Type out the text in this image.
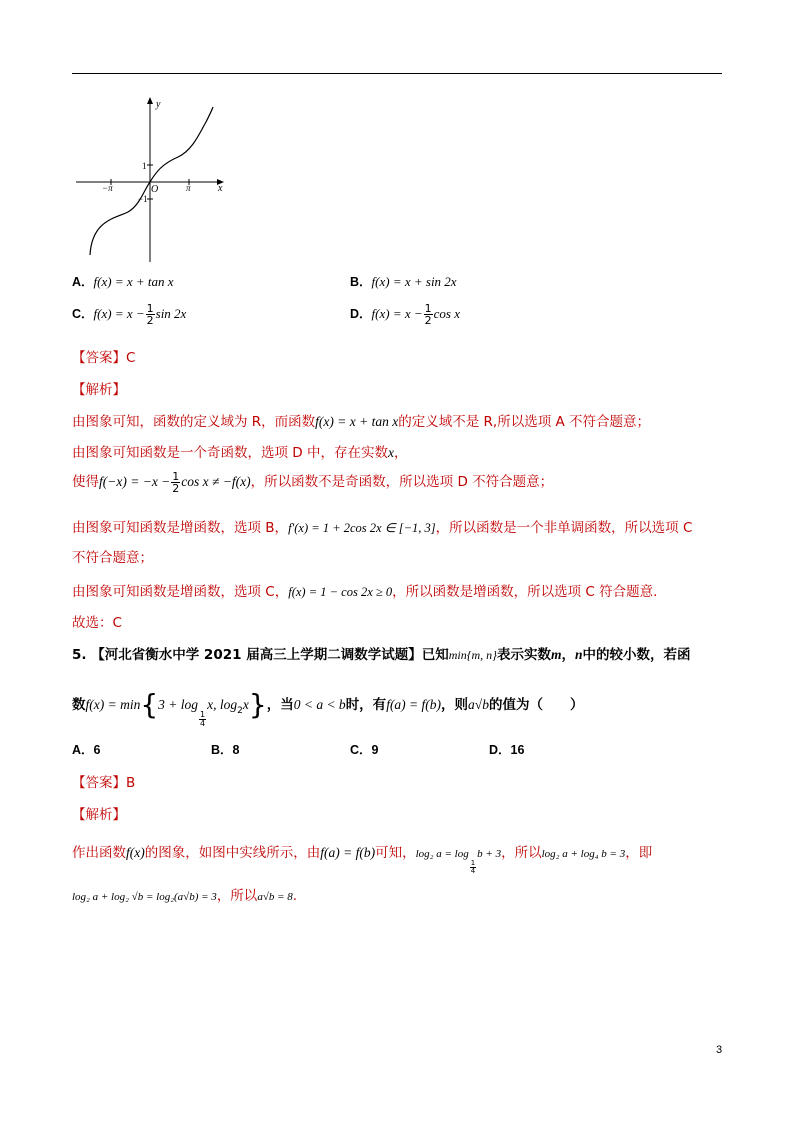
x
y
O
−π	π
1
−1
A．f(x) = x + tan x	B．f(x) = x + sin 2x
C．$f(x) = x - \frac{1}{2}$ sin 2x	D．$f(x) = x - \frac{1}{2}$ cos x
【答案】C
【解析】
由图象可知，函数的定义域为 R，而函数f(x) = x + tan x的定义域不是 R,所以选项 A 不符合题意；
由图象可知函数是一个奇函数，选项 D 中，存在实数x，
使得$f(-x) = -x - \frac{1}{2}$ cos x ≠ −f(x)，所以函数不是奇函数，所以选项 D 不符合题意；
由图象可知函数是增函数，选项 B，f′(x) = 1 + 2cos 2x ∈ [−1, 3]，所以函数是一个非单调函数，所以选项 C
不符合题意；
由图象可知函数是增函数，选项 C，f(x) = 1 − cos 2x ≥ 0，所以函数是增函数，所以选项 C 符合题意.
故选：C
5. 【河北省衡水中学 2021 届高三上学期二调数学试题】已知min{m, n}表示实数m，n中的较小数，若函
数f(x) = min{3 + log
$\frac{1}{4}$
x, $\log_2x$}，当0 < a < b时，有f(a) = f(b)，则a√b的值为（　　）
A．6	B．8	C．9	D．16
【答案】B
【解析】
作出函数f(x)的图象，如图中实线所示，由f(a) = f(b)可知，log₂ a = log
$\frac{1}{4}$
b + 3，所以log₂ a + log₄ b = 3，即
log₂ a + log₂ √b = log₂(a√b) = 3，所以a√b = 8.
3
